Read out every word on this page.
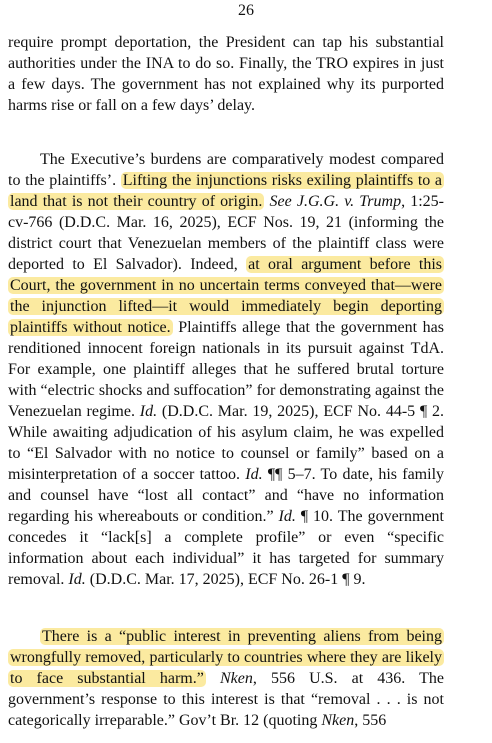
26

require prompt deportation, the President can tap his substantial authorities under the INA to do so. Finally, the TRO expires in just a few days. The government has not explained why its purported harms rise or fall on a few days’ delay.

The Executive’s burdens are comparatively modest compared to the plaintiffs’. Lifting the injunctions risks exiling plaintiffs to a land that is not their country of origin. See J.G.G. v. Trump, 1:25-cv-766 (D.D.C. Mar. 16, 2025), ECF Nos. 19, 21 (informing the district court that Venezuelan members of the plaintiff class were deported to El Salvador). Indeed, at oral argument before this Court, the government in no uncertain terms conveyed that—were the injunction lifted—it would immediately begin deporting plaintiffs without notice. Plaintiffs allege that the government has renditioned innocent foreign nationals in its pursuit against TdA. For example, one plaintiff alleges that he suffered brutal torture with “electric shocks and suffocation” for demonstrating against the Venezuelan regime. Id. (D.D.C. Mar. 19, 2025), ECF No. 44-5 ¶ 2. While awaiting adjudication of his asylum claim, he was expelled to “El Salvador with no notice to counsel or family” based on a misinterpretation of a soccer tattoo. Id. ¶¶ 5–7. To date, his family and counsel have “lost all contact” and “have no information regarding his whereabouts or condition.” Id. ¶ 10. The government concedes it “lack[s] a complete profile” or even “specific information about each individual” it has targeted for summary removal. Id. (D.D.C. Mar. 17, 2025), ECF No. 26-1 ¶ 9.

There is a “public interest in preventing aliens from being wrongfully removed, particularly to countries where they are likely to face substantial harm.” Nken, 556 U.S. at 436. The government’s response to this interest is that “removal . . . is not categorically irreparable.” Gov’t Br. 12 (quoting Nken, 556
